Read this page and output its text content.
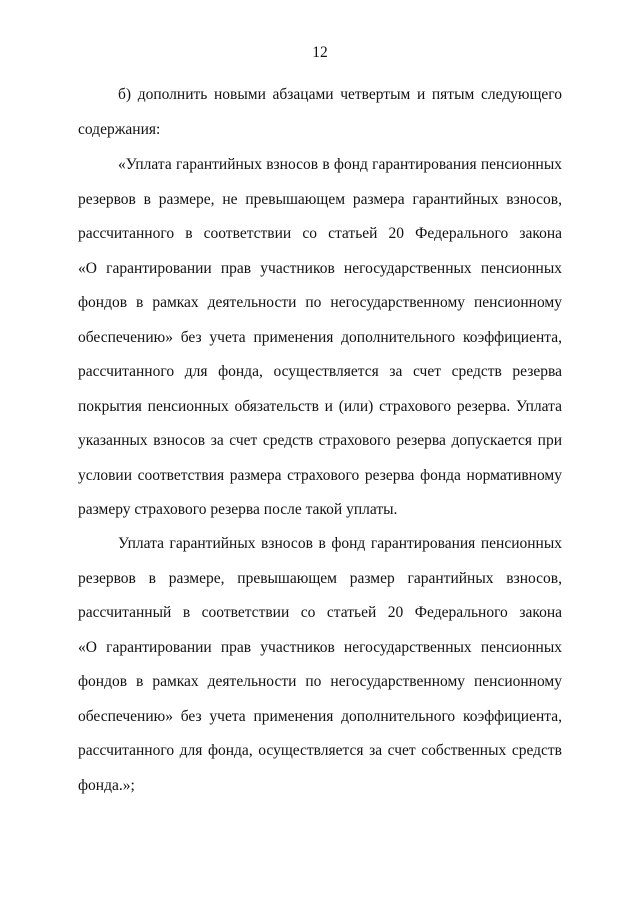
12
б) дополнить новыми абзацами четвертым и пятым следующего
содержания:
«Уплата гарантийных взносов в фонд гарантирования пенсионных
резервов в размере, не превышающем размера гарантийных взносов,
рассчитанного в соответствии со статьей 20 Федерального закона
«О гарантировании прав участников негосударственных пенсионных
фондов в рамках деятельности по негосударственному пенсионному
обеспечению» без учета применения дополнительного коэффициента,
рассчитанного для фонда, осуществляется за счет средств резерва
покрытия пенсионных обязательств и (или) страхового резерва. Уплата
указанных взносов за счет средств страхового резерва допускается при
условии соответствия размера страхового резерва фонда нормативному
размеру страхового резерва после такой уплаты.
Уплата гарантийных взносов в фонд гарантирования пенсионных
резервов в размере, превышающем размер гарантийных взносов,
рассчитанный в соответствии со статьей 20 Федерального закона
«О гарантировании прав участников негосударственных пенсионных
фондов в рамках деятельности по негосударственному пенсионному
обеспечению» без учета применения дополнительного коэффициента,
рассчитанного для фонда, осуществляется за счет собственных средств
фонда.»;
